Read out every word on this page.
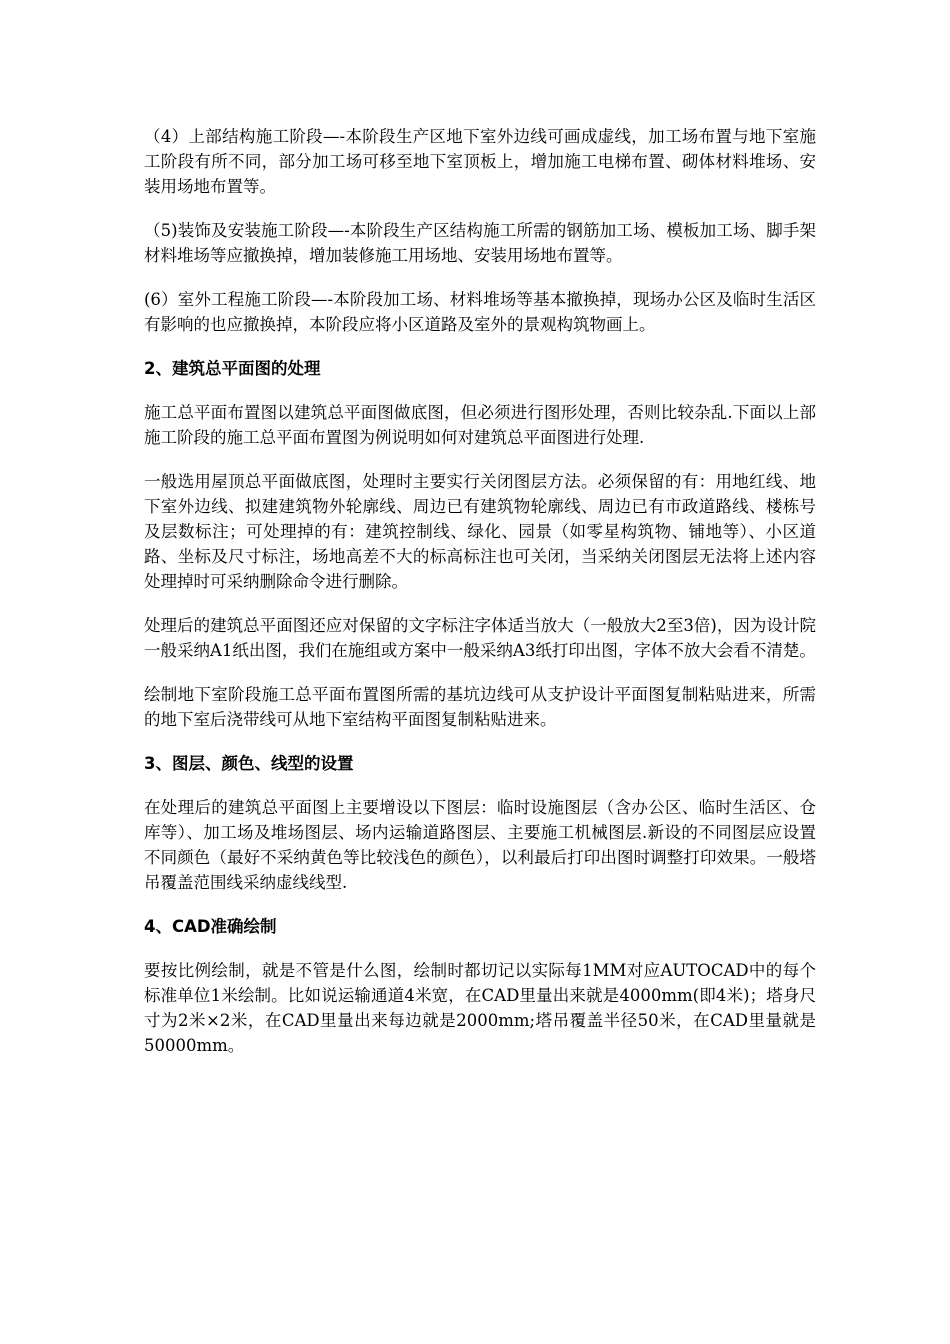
（4）上部结构施工阶段—-本阶段生产区地下室外边线可画成虚线，加工场布置与地下室施工阶段有所不同，部分加工场可移至地下室顶板上，增加施工电梯布置、砌体材料堆场、安装用场地布置等。

（5)装饰及安装施工阶段—-本阶段生产区结构施工所需的钢筋加工场、模板加工场、脚手架材料堆场等应撤换掉，增加装修施工用场地、安装用场地布置等。

(6）室外工程施工阶段—-本阶段加工场、材料堆场等基本撤换掉，现场办公区及临时生活区有影响的也应撤换掉，本阶段应将小区道路及室外的景观构筑物画上。

2、建筑总平面图的处理

施工总平面布置图以建筑总平面图做底图，但必须进行图形处理，否则比较杂乱.下面以上部施工阶段的施工总平面布置图为例说明如何对建筑总平面图进行处理.

一般选用屋顶总平面做底图，处理时主要实行关闭图层方法。必须保留的有：用地红线、地下室外边线、拟建建筑物外轮廓线、周边已有建筑物轮廓线、周边已有市政道路线、楼栋号及层数标注；可处理掉的有：建筑控制线、绿化、园景（如零星构筑物、铺地等）、小区道路、坐标及尺寸标注，场地高差不大的标高标注也可关闭，当采纳关闭图层无法将上述内容处理掉时可采纳删除命令进行删除。

处理后的建筑总平面图还应对保留的文字标注字体适当放大（一般放大2至3倍)，因为设计院一般采纳A1纸出图，我们在施组或方案中一般采纳A3纸打印出图，字体不放大会看不清楚。

绘制地下室阶段施工总平面布置图所需的基坑边线可从支护设计平面图复制粘贴进来，所需的地下室后浇带线可从地下室结构平面图复制粘贴进来。

3、图层、颜色、线型的设置

在处理后的建筑总平面图上主要增设以下图层：临时设施图层（含办公区、临时生活区、仓库等）、加工场及堆场图层、场内运输道路图层、主要施工机械图层.新设的不同图层应设置不同颜色（最好不采纳黄色等比较浅色的颜色），以利最后打印出图时调整打印效果。一般塔吊覆盖范围线采纳虚线线型.

4、CAD准确绘制

要按比例绘制，就是不管是什么图，绘制时都切记以实际每1MM对应AUTOCAD中的每个标准单位1米绘制。比如说运输通道4米宽，在CAD里量出来就是4000mm(即4米)；塔身尺寸为2米×2米，在CAD里量出来每边就是2000mm;塔吊覆盖半径50米，在CAD里量就是50000mm。
